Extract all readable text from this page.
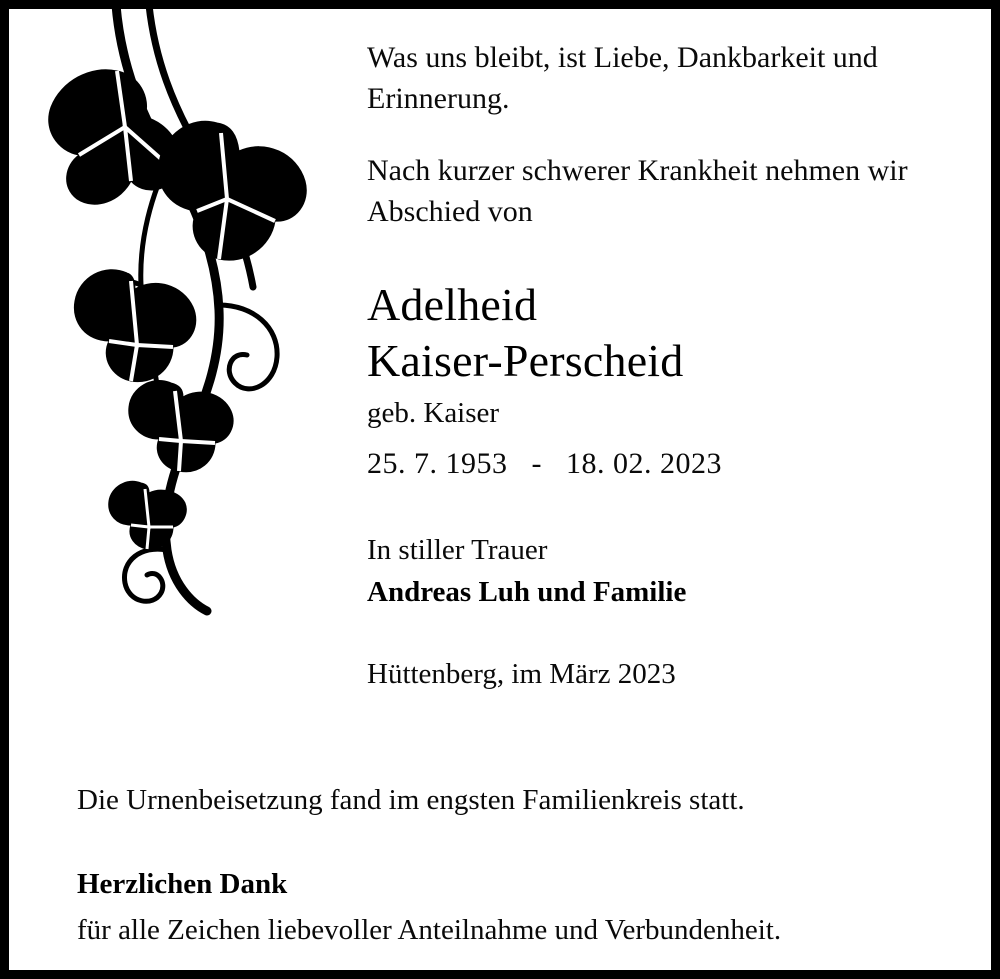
Was uns bleibt, ist Liebe, Dankbarkeit und Erinnerung.

Nach kurzer schwerer Krankheit nehmen wir Abschied von

Adelheid
Kaiser-Perscheid
geb. Kaiser
25. 7. 1953 - 18. 02. 2023
In stiller Trauer
Andreas Luh und Familie
Hüttenberg, im März 2023
Die Urnenbeisetzung fand im engsten Familienkreis statt.
Herzlichen Dank
für alle Zeichen liebevoller Anteilnahme und Verbundenheit.
